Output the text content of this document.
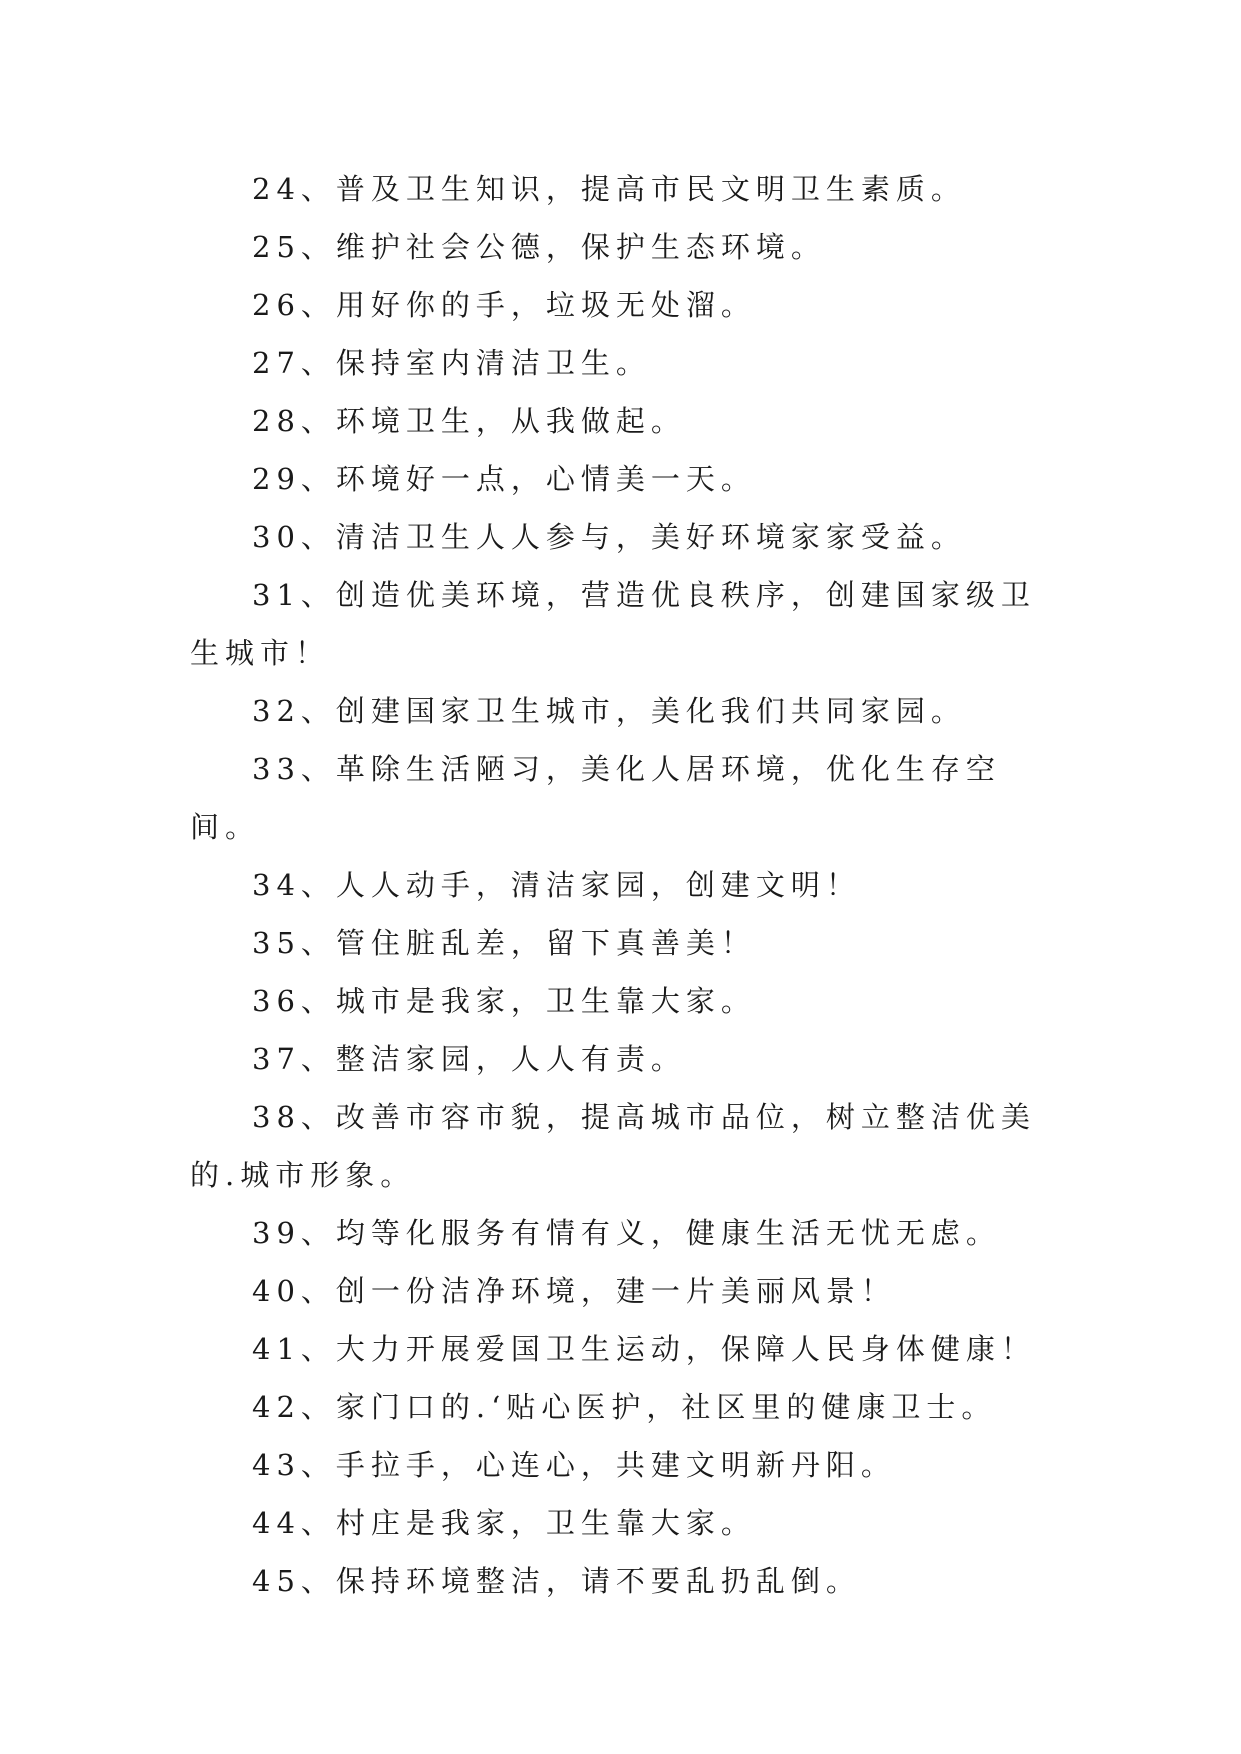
24、普及卫生知识，提高市民文明卫生素质。

25、维护社会公德，保护生态环境。

26、用好你的手，垃圾无处溜。

27、保持室内清洁卫生。

28、环境卫生，从我做起。

29、环境好一点，心情美一天。

30、清洁卫生人人参与，美好环境家家受益。

31、创造优美环境，营造优良秩序，创建国家级卫生城市！

32、创建国家卫生城市，美化我们共同家园。

33、革除生活陋习，美化人居环境，优化生存空间。

34、人人动手，清洁家园，创建文明！

35、管住脏乱差，留下真善美！

36、城市是我家，卫生靠大家。

37、整洁家园，人人有责。

38、改善市容市貌，提高城市品位，树立整洁优美的.城市形象。

39、均等化服务有情有义，健康生活无忧无虑。

40、创一份洁净环境，建一片美丽风景！

41、大力开展爱国卫生运动，保障人民身体健康！

42、家门口的.‘贴心医护，社区里的健康卫士。

43、手拉手，心连心，共建文明新丹阳。

44、村庄是我家，卫生靠大家。

45、保持环境整洁，请不要乱扔乱倒。
